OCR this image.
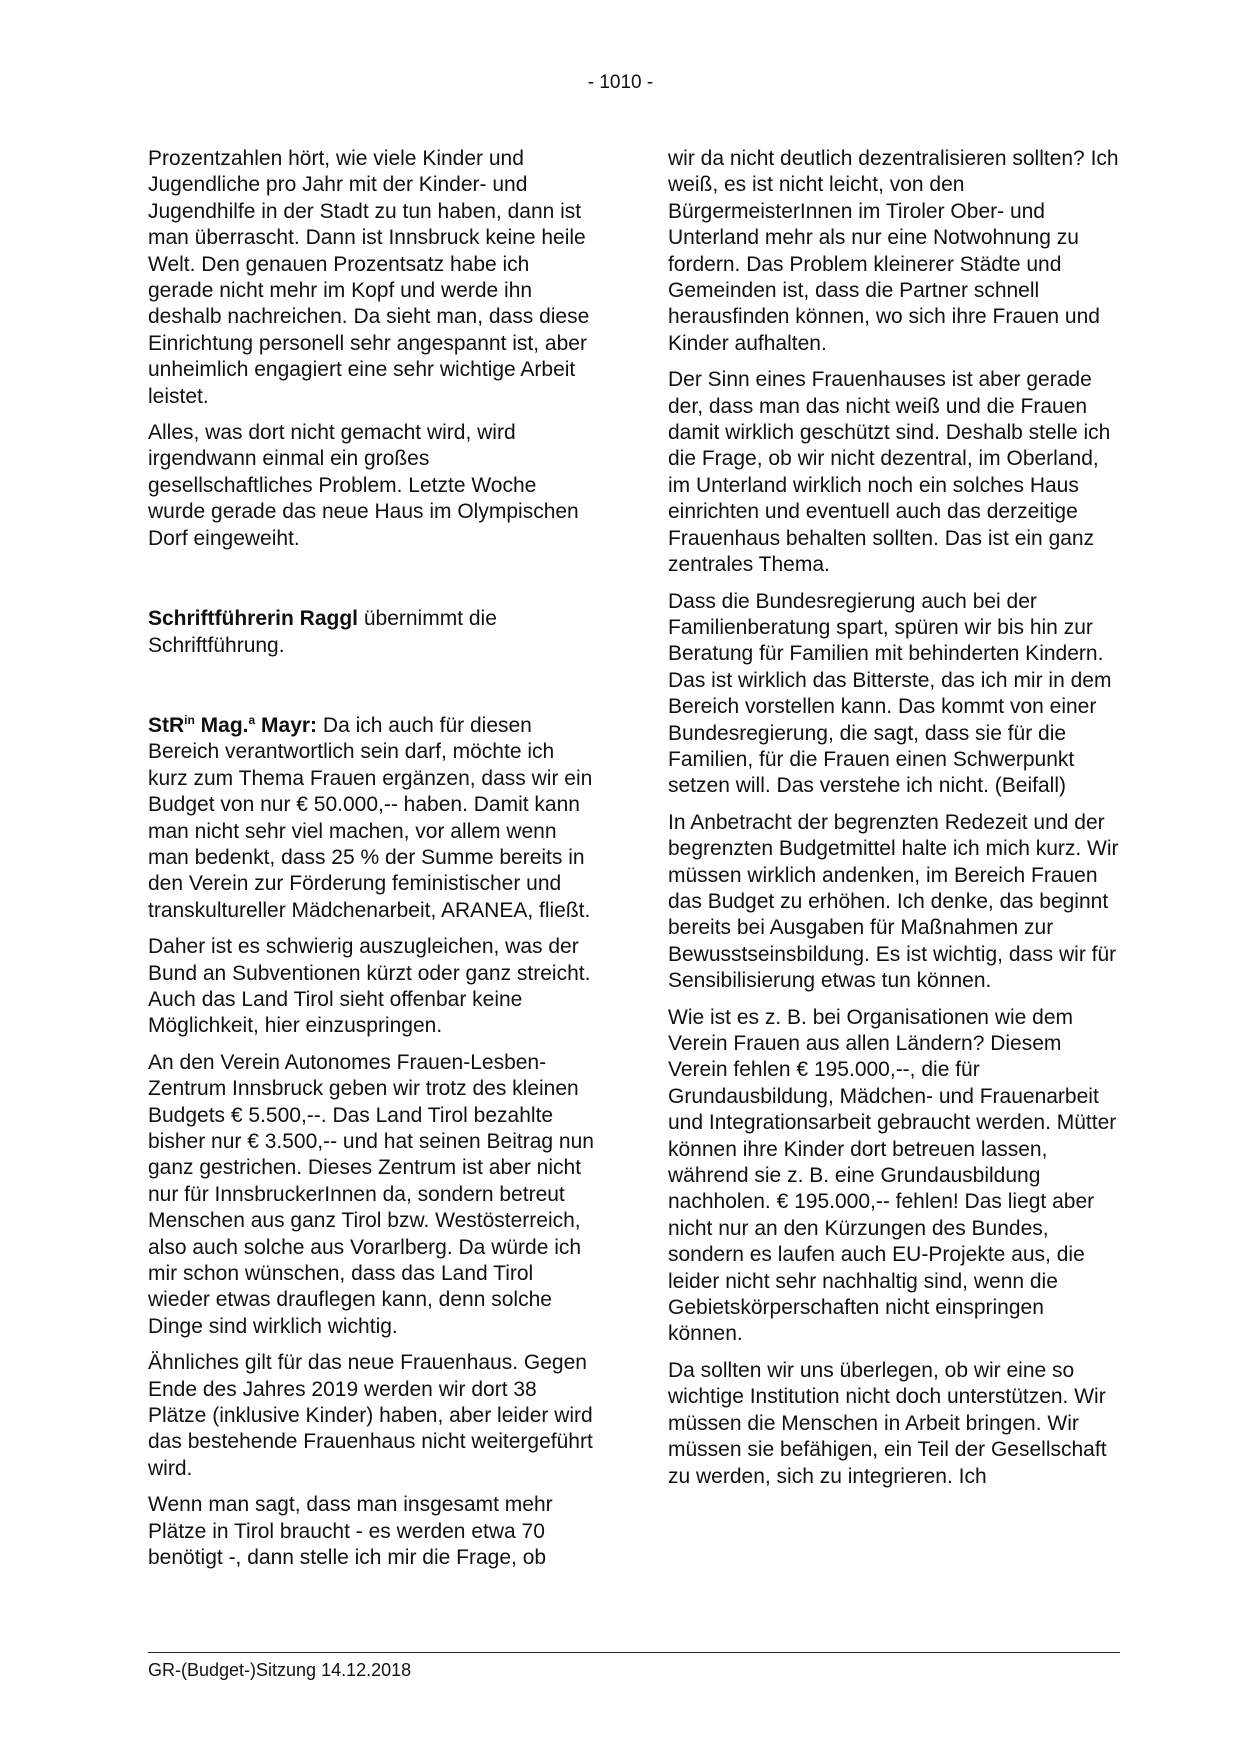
- 1010 -

Prozentzahlen hört, wie viele Kinder und Jugendliche pro Jahr mit der Kinder- und Jugendhilfe in der Stadt zu tun haben, dann ist man überrascht. Dann ist Innsbruck keine heile Welt. Den genauen Prozentsatz habe ich gerade nicht mehr im Kopf und werde ihn deshalb nachreichen. Da sieht man, dass diese Einrichtung personell sehr angespannt ist, aber unheimlich engagiert eine sehr wichtige Arbeit leistet.

Alles, was dort nicht gemacht wird, wird irgendwann einmal ein großes gesellschaftliches Problem. Letzte Woche wurde gerade das neue Haus im Olympischen Dorf eingeweiht.

Schriftführerin Raggl übernimmt die Schriftführung.

StR$^{in}$ Mag.$^a$ Mayr: Da ich auch für diesen Bereich verantwortlich sein darf, möchte ich kurz zum Thema Frauen ergänzen, dass wir ein Budget von nur € 50.000,-- haben. Damit kann man nicht sehr viel machen, vor allem wenn man bedenkt, dass 25 % der Summe bereits in den Verein zur Förderung feministischer und transkultureller Mädchenarbeit, ARANEA, fließt.

Daher ist es schwierig auszugleichen, was der Bund an Subventionen kürzt oder ganz streicht. Auch das Land Tirol sieht offenbar keine Möglichkeit, hier einzuspringen.

An den Verein Autonomes Frauen-Lesben-Zentrum Innsbruck geben wir trotz des kleinen Budgets € 5.500,--. Das Land Tirol bezahlte bisher nur € 3.500,-- und hat seinen Beitrag nun ganz gestrichen. Dieses Zentrum ist aber nicht nur für InnsbruckerInnen da, sondern betreut Menschen aus ganz Tirol bzw. Westösterreich, also auch solche aus Vorarlberg. Da würde ich mir schon wünschen, dass das Land Tirol wieder etwas drauflegen kann, denn solche Dinge sind wirklich wichtig.

Ähnliches gilt für das neue Frauenhaus. Gegen Ende des Jahres 2019 werden wir dort 38 Plätze (inklusive Kinder) haben, aber leider wird das bestehende Frauenhaus nicht weitergeführt wird.

Wenn man sagt, dass man insgesamt mehr Plätze in Tirol braucht - es werden etwa 70 benötigt -, dann stelle ich mir die Frage, ob

wir da nicht deutlich dezentralisieren sollten? Ich weiß, es ist nicht leicht, von den BürgermeisterInnen im Tiroler Ober- und Unterland mehr als nur eine Notwohnung zu fordern. Das Problem kleinerer Städte und Gemeinden ist, dass die Partner schnell herausfinden können, wo sich ihre Frauen und Kinder aufhalten.

Der Sinn eines Frauenhauses ist aber gerade der, dass man das nicht weiß und die Frauen damit wirklich geschützt sind. Deshalb stelle ich die Frage, ob wir nicht dezentral, im Oberland, im Unterland wirklich noch ein solches Haus einrichten und eventuell auch das derzeitige Frauenhaus behalten sollten. Das ist ein ganz zentrales Thema.

Dass die Bundesregierung auch bei der Familienberatung spart, spüren wir bis hin zur Beratung für Familien mit behinderten Kindern. Das ist wirklich das Bitterste, das ich mir in dem Bereich vorstellen kann. Das kommt von einer Bundesregierung, die sagt, dass sie für die Familien, für die Frauen einen Schwerpunkt setzen will. Das verstehe ich nicht. (Beifall)

In Anbetracht der begrenzten Redezeit und der begrenzten Budgetmittel halte ich mich kurz. Wir müssen wirklich andenken, im Bereich Frauen das Budget zu erhöhen. Ich denke, das beginnt bereits bei Ausgaben für Maßnahmen zur Bewusstseinsbildung. Es ist wichtig, dass wir für Sensibilisierung etwas tun können.

Wie ist es z. B. bei Organisationen wie dem Verein Frauen aus allen Ländern? Diesem Verein fehlen € 195.000,--, die für Grundausbildung, Mädchen- und Frauenarbeit und Integrationsarbeit gebraucht werden. Mütter können ihre Kinder dort betreuen lassen, während sie z. B. eine Grundausbildung nachholen. € 195.000,-- fehlen! Das liegt aber nicht nur an den Kürzungen des Bundes, sondern es laufen auch EU-Projekte aus, die leider nicht sehr nachhaltig sind, wenn die Gebietskörperschaften nicht einspringen können.

Da sollten wir uns überlegen, ob wir eine so wichtige Institution nicht doch unterstützen. Wir müssen die Menschen in Arbeit bringen. Wir müssen sie befähigen, ein Teil der Gesellschaft zu werden, sich zu integrieren. Ich

GR-(Budget-)Sitzung 14.12.2018
